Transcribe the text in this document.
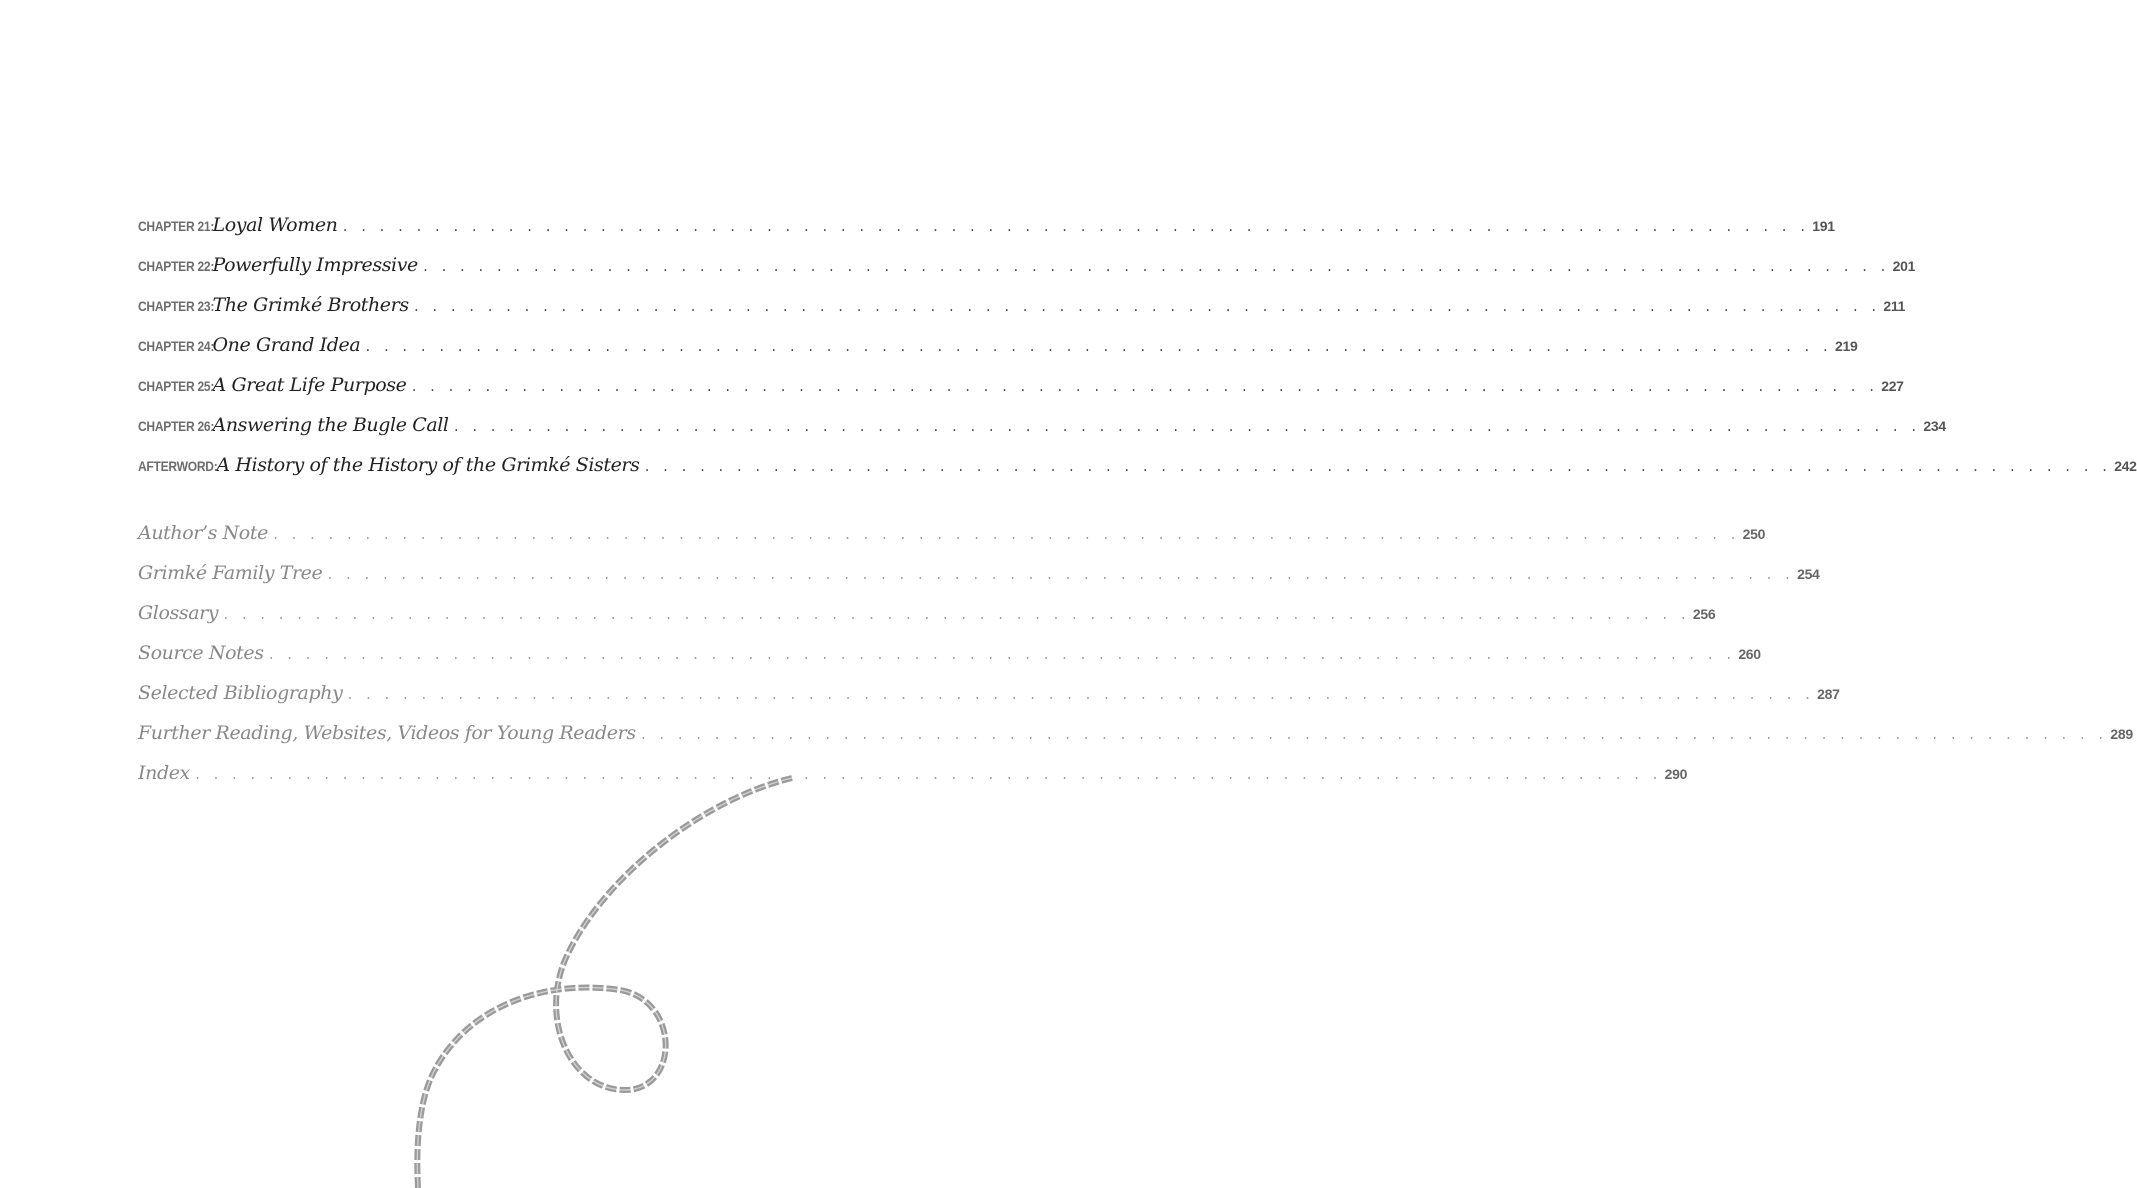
CHAPTER 21:
Loyal Women . . . . . . . . . . . . . . . . . . . . . . . . . . . . . . . . . . . . . . . . . . . . . . . . . . . . . . . . . . . . . . . . . . . . . . . . . . . . . . . . 191
CHAPTER 22:
Powerfully Impressive . . . . . . . . . . . . . . . . . . . . . . . . . . . . . . . . . . . . . . . . . . . . . . . . . . . . . . . . . . . . . . . . . . . . . . . . . . . . . . . . 201
CHAPTER 23:
The Grimké Brothers . . . . . . . . . . . . . . . . . . . . . . . . . . . . . . . . . . . . . . . . . . . . . . . . . . . . . . . . . . . . . . . . . . . . . . . . . . . . . . . . 211
CHAPTER 24:
One Grand Idea . . . . . . . . . . . . . . . . . . . . . . . . . . . . . . . . . . . . . . . . . . . . . . . . . . . . . . . . . . . . . . . . . . . . . . . . . . . . . . . . 219
CHAPTER 25:
A Great Life Purpose . . . . . . . . . . . . . . . . . . . . . . . . . . . . . . . . . . . . . . . . . . . . . . . . . . . . . . . . . . . . . . . . . . . . . . . . . . . . . . . . 227
CHAPTER 26:
Answering the Bugle Call . . . . . . . . . . . . . . . . . . . . . . . . . . . . . . . . . . . . . . . . . . . . . . . . . . . . . . . . . . . . . . . . . . . . . . . . . . . . . . . . 234
AFTERWORD:
A History of the History of the Grimké Sisters . . . . . . . . . . . . . . . . . . . . . . . . . . . . . . . . . . . . . . . . . . . . . . . . . . . . . . . . . . . . . . . . . . . . . . . . . . . . . . . . 242
Author’s Note . . . . . . . . . . . . . . . . . . . . . . . . . . . . . . . . . . . . . . . . . . . . . . . . . . . . . . . . . . . . . . . . . . . . . . . . . . . . . . . . 250
Grimké Family Tree . . . . . . . . . . . . . . . . . . . . . . . . . . . . . . . . . . . . . . . . . . . . . . . . . . . . . . . . . . . . . . . . . . . . . . . . . . . . . . . . 254
Glossary . . . . . . . . . . . . . . . . . . . . . . . . . . . . . . . . . . . . . . . . . . . . . . . . . . . . . . . . . . . . . . . . . . . . . . . . . . . . . . . . 256
Source Notes . . . . . . . . . . . . . . . . . . . . . . . . . . . . . . . . . . . . . . . . . . . . . . . . . . . . . . . . . . . . . . . . . . . . . . . . . . . . . . . . 260
Selected Bibliography . . . . . . . . . . . . . . . . . . . . . . . . . . . . . . . . . . . . . . . . . . . . . . . . . . . . . . . . . . . . . . . . . . . . . . . . . . . . . . . . 287
Further Reading, Websites, Videos for Young Readers . . . . . . . . . . . . . . . . . . . . . . . . . . . . . . . . . . . . . . . . . . . . . . . . . . . . . . . . . . . . . . . . . . . . . . . . . . . . . . . . 289
Index . . . . . . . . . . . . . . . . . . . . . . . . . . . . . . . . . . . . . . . . . . . . . . . . . . . . . . . . . . . . . . . . . . . . . . . . . . . . . . . . 290
